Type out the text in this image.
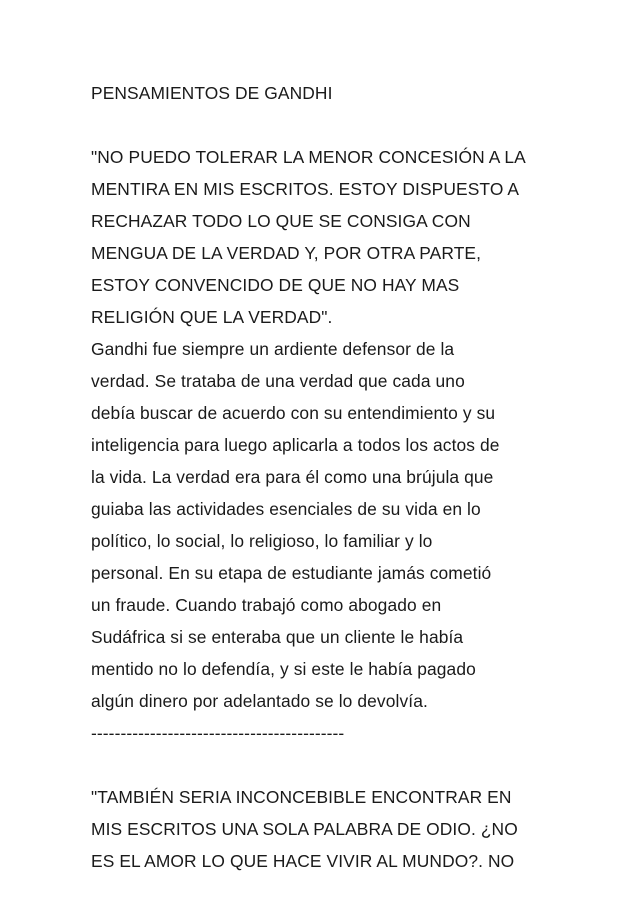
PENSAMIENTOS DE GANDHI
"NO PUEDO TOLERAR LA MENOR CONCESIÓN A LA
MENTIRA EN MIS ESCRITOS. ESTOY DISPUESTO A
RECHAZAR TODO LO QUE SE CONSIGA CON
MENGUA DE LA VERDAD Y, POR OTRA PARTE,
ESTOY CONVENCIDO DE QUE NO HAY MAS
RELIGIÓN QUE LA VERDAD".
Gandhi fue siempre un ardiente defensor de la
verdad. Se trataba de una verdad que cada uno
debía buscar de acuerdo con su entendimiento y su
inteligencia para luego aplicarla a todos los actos de
la vida. La verdad era para él como una brújula que
guiaba las actividades esenciales de su vida en lo
político, lo social, lo religioso, lo familiar y lo
personal. En su etapa de estudiante jamás cometió
un fraude. Cuando trabajó como abogado en
Sudáfrica si se enteraba que un cliente le había
mentido no lo defendía, y si este le había pagado
algún dinero por adelantado se lo devolvía.
-------------------------------------------
"TAMBIÉN SERIA INCONCEBIBLE ENCONTRAR EN
MIS ESCRITOS UNA SOLA PALABRA DE ODIO. ¿NO
ES EL AMOR LO QUE HACE VIVIR AL MUNDO?. NO
